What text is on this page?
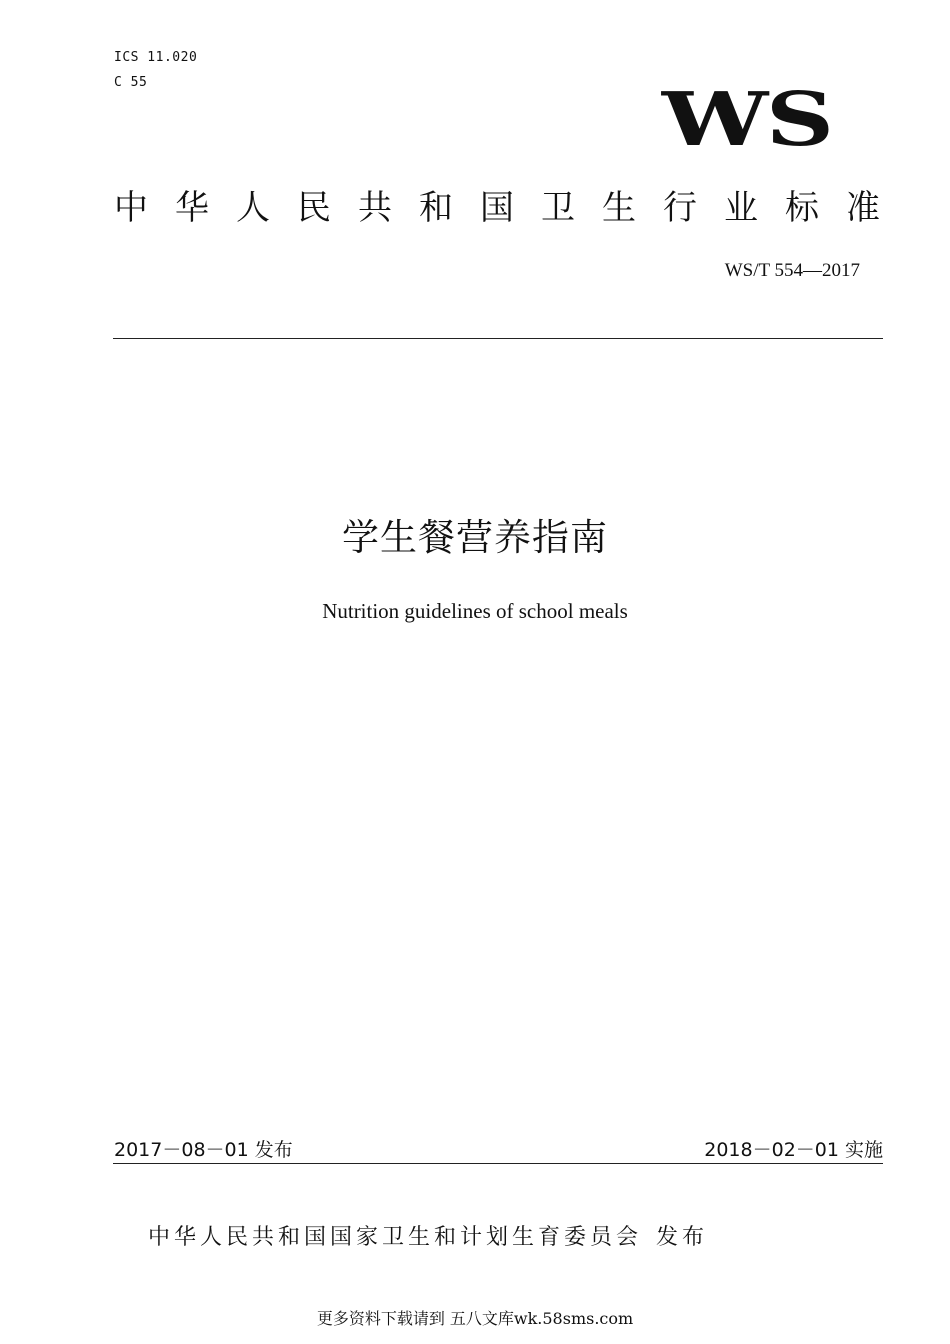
ICS 11.020
C 55	WS
中华人民共和国卫生行业标准
WS/T 554—2017
学生餐营养指南
Nutrition guidelines of school meals
2017－08－01 发布	2018－02－01 实施
中华人民共和国国家卫生和计划生育委员会 发布
更多资料下载请到 五八文库wk.58sms.com
